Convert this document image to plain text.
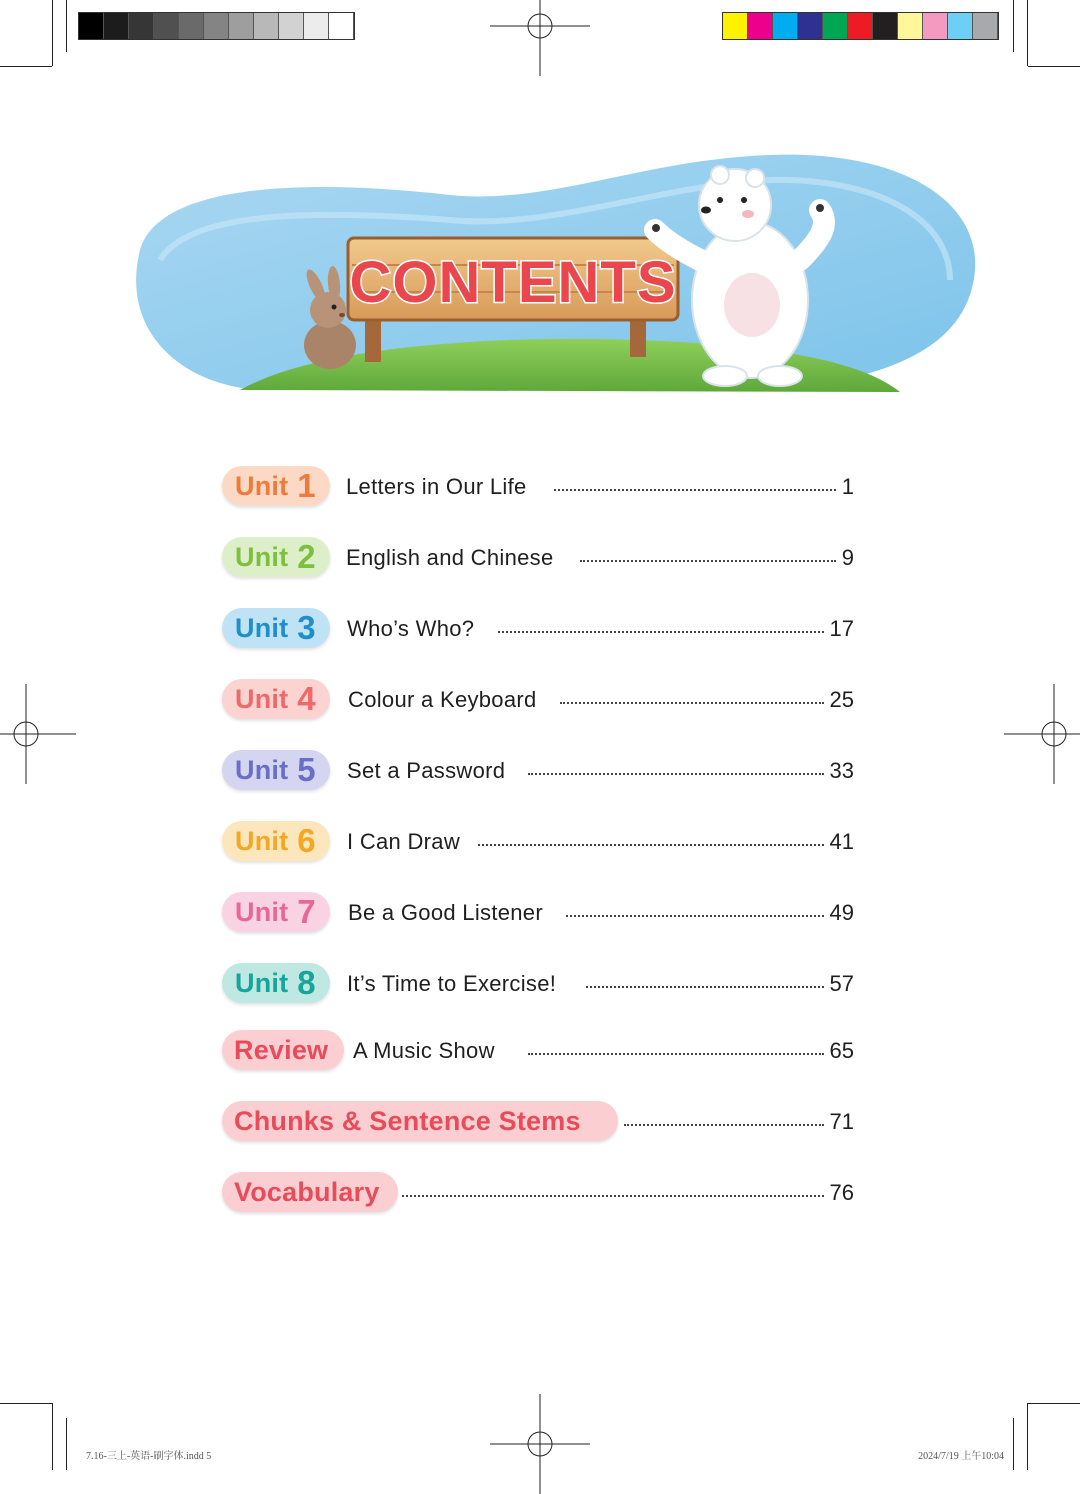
CONTENTS
Unit 1 Letters in Our Life	1
Unit 2 English and Chinese	9
Unit 3 Who’s Who?	17
Unit 4 Colour a Keyboard	25
Unit 5 Set a Password	33
Unit 6 I Can Draw	41
Unit 7 Be a Good Listener	49
Unit 8 It’s Time to Exercise!	57
Review A Music Show	65
Chunks & Sentence Stems	71
Vocabulary	76
7.16-三上-英语-刷字体.indd 5	2024/7/19 上午10:04
